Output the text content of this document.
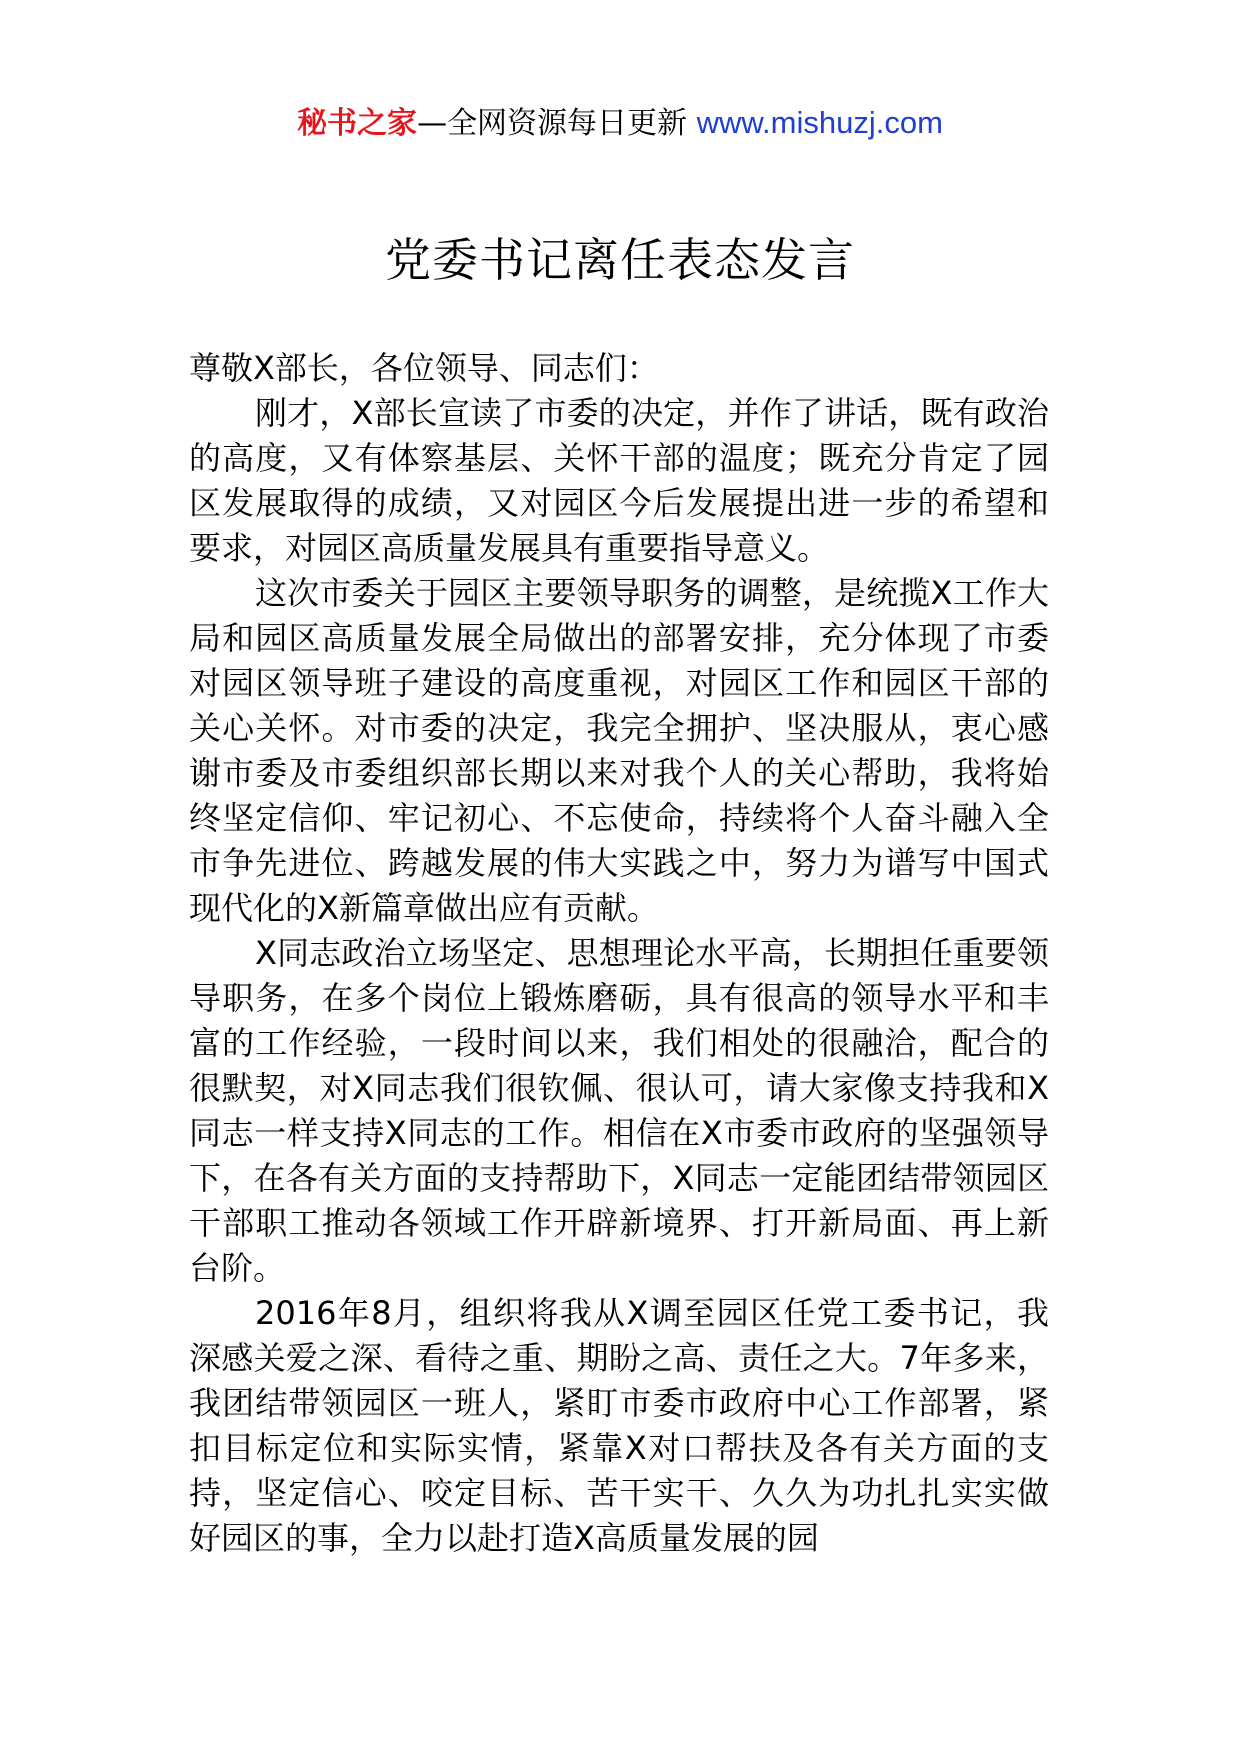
秘书之家—全网资源每日更新 www.mishuzj.com
党委书记离任表态发言

尊敬X部长，各位领导、同志们：

刚才，X部长宣读了市委的决定，并作了讲话，既有政治的高度，又有体察基层、关怀干部的温度；既充分肯定了园区发展取得的成绩，又对园区今后发展提出进一步的希望和要求，对园区高质量发展具有重要指导意义。

这次市委关于园区主要领导职务的调整，是统揽X工作大局和园区高质量发展全局做出的部署安排，充分体现了市委对园区领导班子建设的高度重视，对园区工作和园区干部的关心关怀。对市委的决定，我完全拥护、坚决服从，衷心感谢市委及市委组织部长期以来对我个人的关心帮助，我将始终坚定信仰、牢记初心、不忘使命，持续将个人奋斗融入全市争先进位、跨越发展的伟大实践之中，努力为谱写中国式现代化的X新篇章做出应有贡献。

X同志政治立场坚定、思想理论水平高，长期担任重要领导职务，在多个岗位上锻炼磨砺，具有很高的领导水平和丰富的工作经验，一段时间以来，我们相处的很融洽，配合的很默契，对X同志我们很钦佩、很认可，请大家像支持我和X同志一样支持X同志的工作。相信在X市委市政府的坚强领导下，在各有关方面的支持帮助下，X同志一定能团结带领园区干部职工推动各领域工作开辟新境界、打开新局面、再上新台阶。

2016年8月，组织将我从X调至园区任党工委书记，我深感关爱之深、看待之重、期盼之高、责任之大。7年多来，我团结带领园区一班人，紧盯市委市政府中心工作部署，紧扣目标定位和实际实情，紧靠X对口帮扶及各有关方面的支持，坚定信心、咬定目标、苦干实干、久久为功扎扎实实做好园区的事，全力以赴打造X高质量发展的园
